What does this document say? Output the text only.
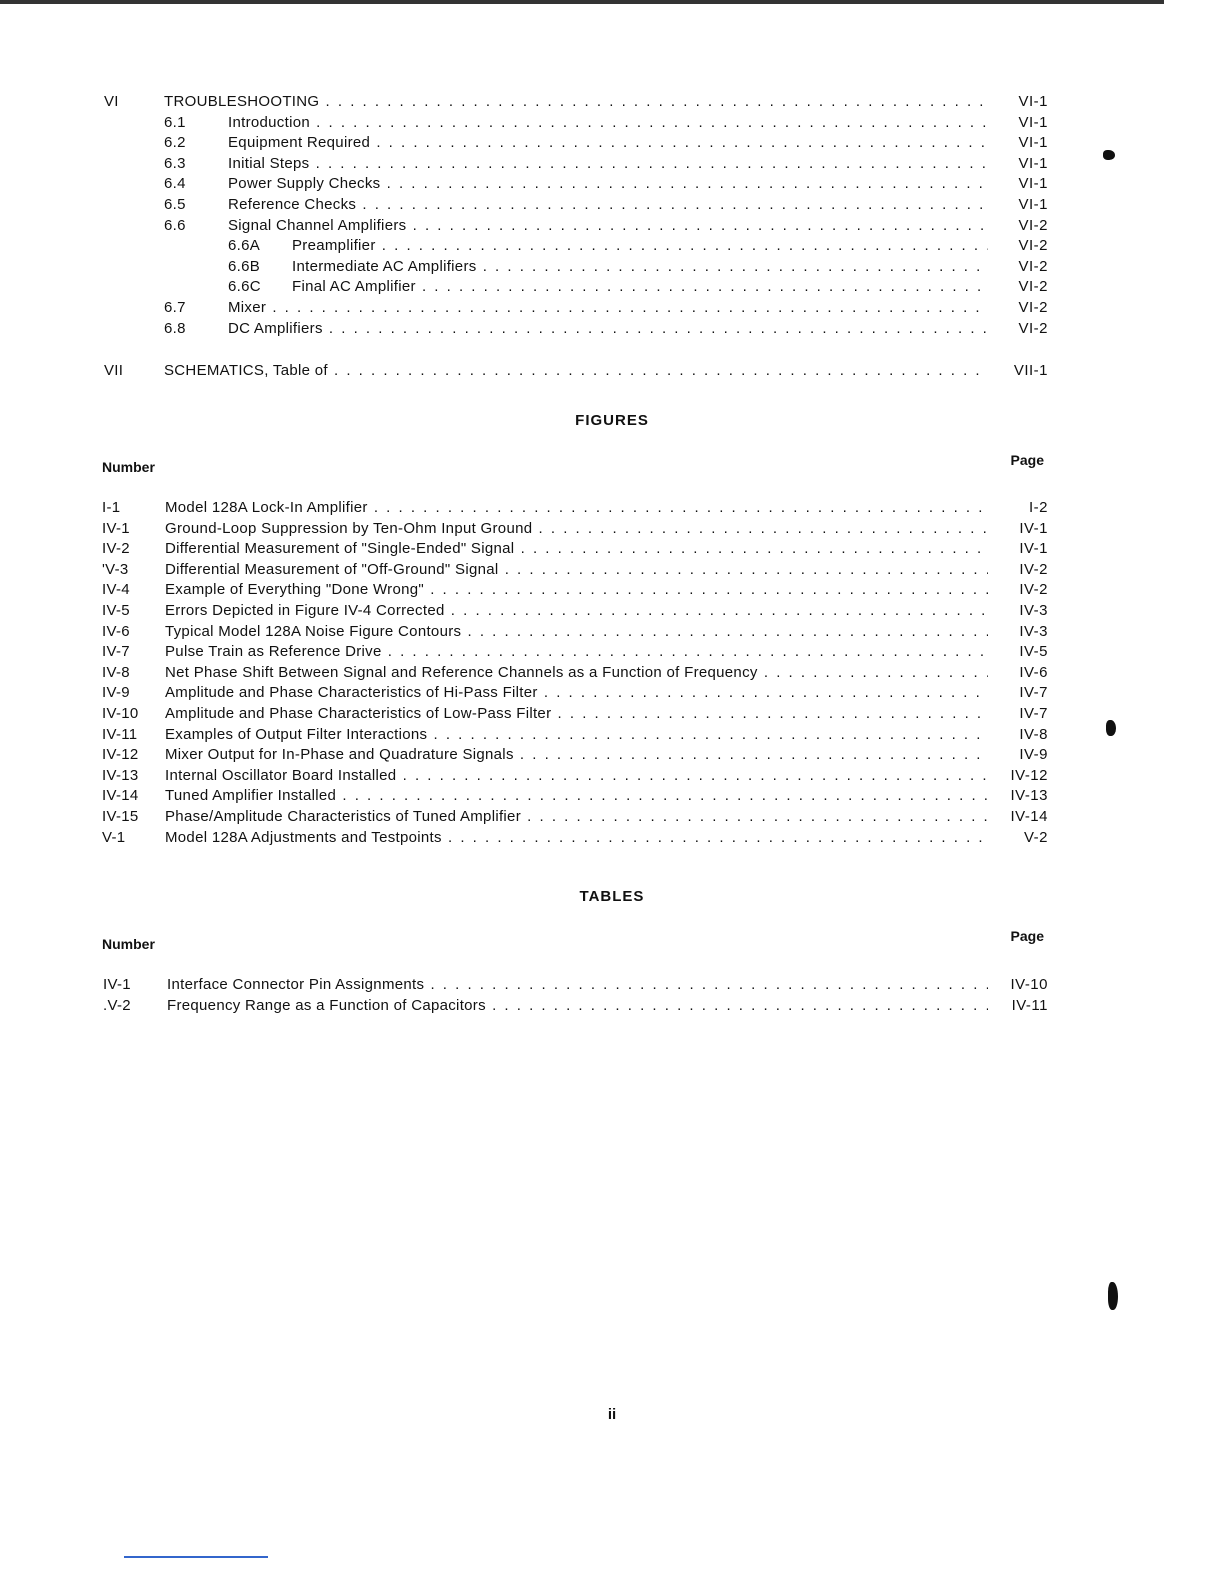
VI	TROUBLESHOOTING . . .	VI-1
6.1	Introduction . . .	VI-1
6.2	Equipment Required . . .	VI-1
6.3	Initial Steps . . .	VI-1
6.4	Power Supply Checks . . .	VI-1
6.5	Reference Checks . . .	VI-1
6.6	Signal Channel Amplifiers . . .	VI-2
6.6A Preamplifier . . .	VI-2
6.6B Intermediate AC Amplifiers . . .	VI-2
6.6C Final AC Amplifier . . .	VI-2
6.7	Mixer . . .	VI-2
6.8	DC Amplifiers . . .	VI-2
VII	SCHEMATICS, Table of . . .	VII-1
FIGURES
Number	Page
I-1	Model 128A Lock-In Amplifier . . .	I-2
IV-1 Ground-Loop Suppression by Ten-Ohm Input Ground . . .	IV-1
IV-2 Differential Measurement of "Single-Ended" Signal . . .	IV-1
'V-3 Differential Measurement of "Off-Ground" Signal . . .	IV-2
IV-4 Example of Everything "Done Wrong" . . .	IV-2
IV-5 Errors Depicted in Figure IV-4 Corrected . . .	IV-3
IV-6 Typical Model 128A Noise Figure Contours . . .	IV-3
IV-7 Pulse Train as Reference Drive . . .	IV-5
IV-8 Net Phase Shift Between Signal and Reference Channels as a Function of Frequency . . .	IV-6
IV-9 Amplitude and Phase Characteristics of Hi-Pass Filter . . .	IV-7
IV-10 Amplitude and Phase Characteristics of Low-Pass Filter . . .	IV-7
IV-11 Examples of Output Filter Interactions . . .	IV-8
IV-12 Mixer Output for In-Phase and Quadrature Signals . . .	IV-9
IV-13 Internal Oscillator Board Installed . . .	IV-12
IV-14 Tuned Amplifier Installed . . .	IV-13
IV-15 Phase/Amplitude Characteristics of Tuned Amplifier . . .	IV-14
V-1	Model 128A Adjustments and Testpoints . . .	V-2
TABLES
Number	Page
IV-1 Interface Connector Pin Assignments . . .	IV-10
.V-2 Frequency Range as a Function of Capacitors . . .	IV-11
ii
